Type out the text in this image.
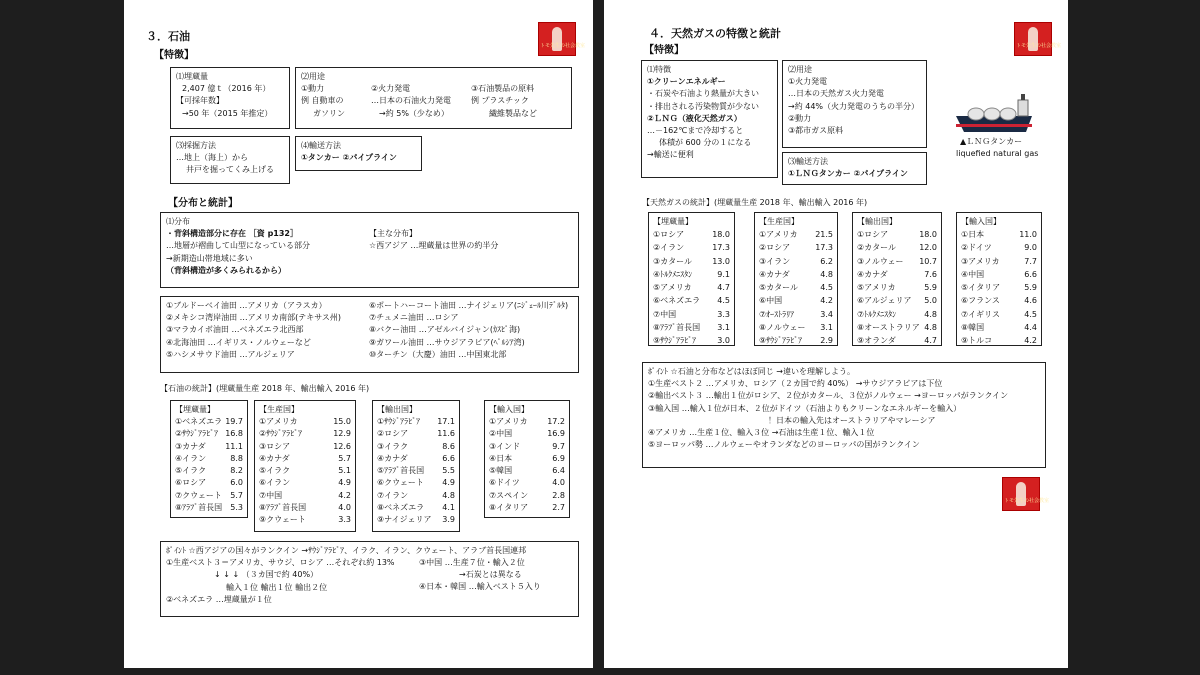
３．石油
トモ先生の社会教室
【特徴】
⑴埋蔵量
2,407 億ｔ（2016 年）
【可採年数】
→50 年（2015 年推定）
⑵用途
①動力
例 自動車の
ガソリン
②火力発電
…日本の石油火力発電
→約 5%（少なめ）
③石油製品の原料
例 プラスチック
繊維製品など
⑶採掘方法
…地上（海上）から
井戸を掘ってくみ上げる
⑷輸送方法
①タンカー ②パイプライン
【分布と統計】
⑴分布
・背斜構造部分に存在 ［資 p132］
…地層が褶曲して山型になっている部分
→新期造山帯地域に多い
（背斜構造が多くみられるから）
【主な分布】
☆西アジア …埋蔵量は世界の約半分
①ブルドーベイ油田 …アメリカ（アラスカ）
②メキシコ湾岸油田 …アメリカ南部(テキサス州)
③マラカイボ油田 …ベネズエラ北西部
④北海油田 …イギリス・ノルウェーなど
⑤ハシメサウド油田 …アルジェリア
⑥ポートハーコート油田 …ナイジェリア(ﾆｼﾞｪｰﾙ川ﾃﾞﾙﾀ)
⑦チュメニ油田 …ロシア
⑧バクー油田 …アゼルバイジャン(ｶｽﾋﾟ海)
⑨ガワール油田 …サウジアラビア(ﾍﾟﾙｼｱ湾)
⑩ターチン（大慶）油田 …中国東北部
【石油の統計】(埋蔵量生産 2018 年、輸出輸入 2016 年)
【埋蔵量】
①ベネズエラ 19.7
②ｻｳｼﾞｱﾗﾋﾞｱ 16.8
③カナダ 11.1
④イラン	8.8
⑤イラク	8.2
⑥ロシア	6.0
⑦クウェート 5.7
⑧ｱﾗﾌﾞ首長国 5.3
【生産国】
①アメリカ	15.0
②ｻｳｼﾞｱﾗﾋﾞｱ	12.9
③ロシア	12.6
④カナダ	5.7
⑤イラク	5.1
⑥イラン	4.9
⑦中国	4.2
⑧ｱﾗﾌﾞ首長国	4.0
⑨クウェート	3.3
【輸出国】
①ｻｳｼﾞｱﾗﾋﾞｱ 17.1
②ロシア	11.6
③イラク	8.6
④カナダ	6.6
⑤ｱﾗﾌﾞ首長国 5.5
⑥クウェート 4.9
⑦イラン	4.8
⑧ベネズエラ 4.1
⑨ナイジェリア 3.9
【輸入国】
①アメリカ 17.2
②中国	16.9
③インド	9.7
④日本	6.9
⑤韓国	6.4
⑥ドイツ	4.0
⑦スペイン	2.8
⑧イタリア	2.7
ﾎﾟｲﾝﾄ ☆西アジアの国々がランクイン →ｻｳｼﾞｱﾗﾋﾞｱ、イラク、イラン、クウェート、アラブ首長国連邦
①生産ベスト３＝アメリカ、サウジ、ロシア …それぞれ約 13%
↓ ↓ ↓ （３カ国で約 40%）
輸入１位 輸出１位 輸出２位
②ベネズエラ …埋蔵量が１位
③中国 …生産７位・輸入２位
→石炭とは異なる
④日本・韓国 …輸入ベスト５入り
４．天然ガスの特徴と統計
トモ先生の社会教室
【特徴】
⑴特徴
①クリーンエネルギー
・石炭や石油より熱量が大きい
・排出される汚染物質が少ない
②ＬＮＧ（液化天然ガス）
…－162℃まで冷却すると
体積が 600 分の１になる
→輸送に便利
⑵用途
①火力発電
…日本の天然ガス火力発電
→約 44%（火力発電のうちの半分）
②動力
③都市ガス原料
⑶輸送方法
①ＬＮＧタンカー ②パイプライン
▲ＬＮＧタンカー
liquefied natural gas
【天然ガスの統計】(埋蔵量生産 2018 年、輸出輸入 2016 年)
【埋蔵量】
①ロシア	18.0
②イラン	17.3
③カタール	13.0
④ﾄﾙｸﾒﾆｽﾀﾝ	9.1
⑤アメリカ	4.7
⑥ベネズエラ 4.5
⑦中国	3.3
⑧ｱﾗﾌﾞ首長国 3.1
⑨ｻｳｼﾞｱﾗﾋﾞｱ	3.0
【生産国】
①アメリカ 21.5
②ロシア	17.3
③イラン	6.2
④カナダ	4.8
⑤カタール	4.5
⑥中国	4.2
⑦ｵｰｽﾄﾗﾘｱ	3.4
⑧ノルウェー 3.1
⑨ｻｳｼﾞｱﾗﾋﾞｱ 2.9
【輸出国】
①ロシア	18.0
②カタール	12.0
③ノルウェー 10.7
④カナダ	7.6
⑤アメリカ	5.9
⑥アルジェリア 5.0
⑦ﾄﾙｸﾒﾆｽﾀﾝ	4.8
⑧オーストラリア 4.8
⑨オランダ	4.7
【輸入国】
①日本	11.0
②ドイツ	9.0
③アメリカ	7.7
④中国	6.6
⑤イタリア	5.9
⑥フランス	4.6
⑦イギリス	4.5
⑧韓国	4.4
⑨トルコ	4.2
ﾎﾟｲﾝﾄ ☆石油と分布などはほぼ同じ →違いを理解しよう。
①生産ベスト２ …アメリカ、ロシア（２カ国で約 40%） →サウジアラビアは下位
②輸出ベスト３ …輸出１位がロシア、２位がカタール、３位がノルウェー →ヨーロッパがランクイン
③輸入国 …輸入１位が日本、２位がドイツ（石油よりもクリーンなエネルギーを輸入）
！日本の輸入先はオーストラリアやマレーシア
④アメリカ …生産１位、輸入３位 →石油は生産１位、輸入１位
⑤ヨーロッパ勢 …ノルウェーやオランダなどのヨーロッパの国がランクイン
トモ先生の社会教室
